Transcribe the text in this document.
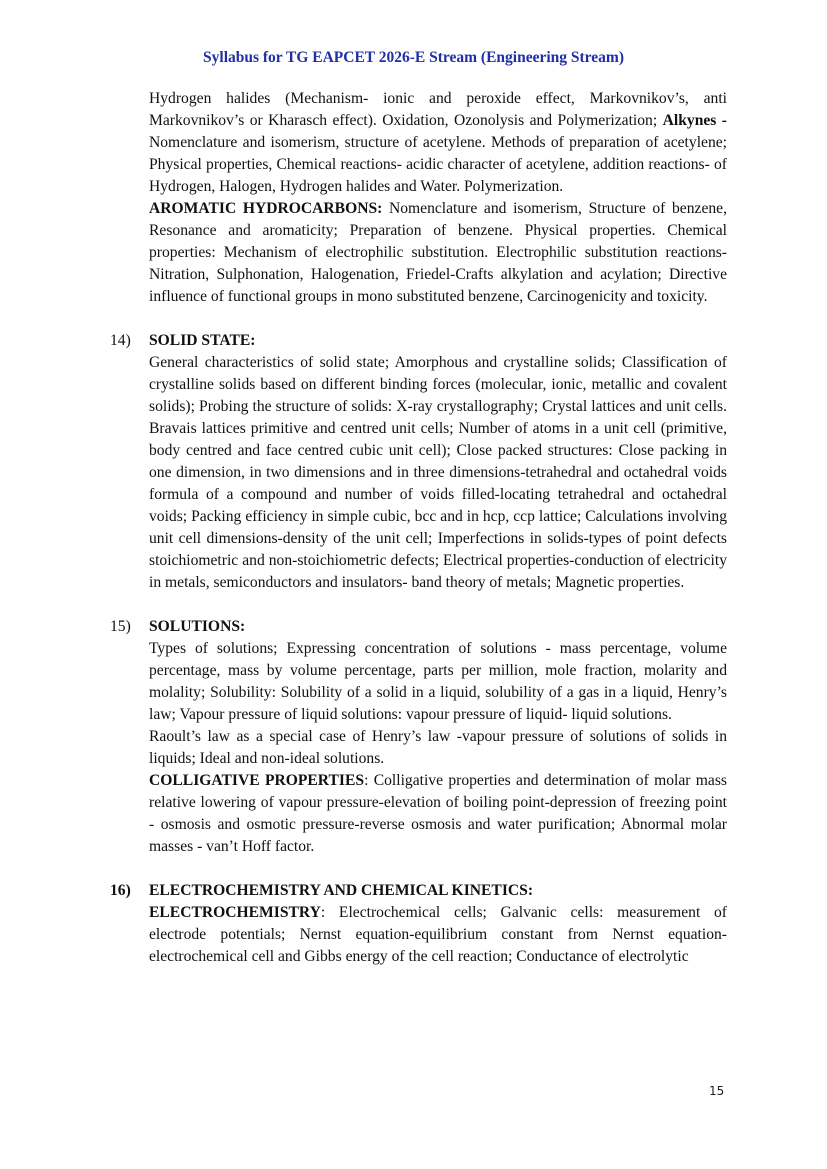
Syllabus for TG EAPCET 2026-E Stream (Engineering Stream)

Hydrogen halides (Mechanism- ionic and peroxide effect, Markovnikov’s, anti Markovnikov’s or Kharasch effect). Oxidation, Ozonolysis and Polymerization; Alkynes - Nomenclature and isomerism, structure of acetylene. Methods of preparation of acetylene; Physical properties, Chemical reactions- acidic character of acetylene, addition reactions- of Hydrogen, Halogen, Hydrogen halides and Water. Polymerization.

AROMATIC HYDROCARBONS: Nomenclature and isomerism, Structure of benzene, Resonance and aromaticity; Preparation of benzene. Physical properties. Chemical properties: Mechanism of electrophilic substitution. Electrophilic substitution reactions- Nitration, Sulphonation, Halogenation, Friedel-Crafts alkylation and acylation; Directive influence of functional groups in mono substituted benzene, Carcinogenicity and toxicity.

14)	SOLID STATE:

General characteristics of solid state; Amorphous and crystalline solids; Classification of crystalline solids based on different binding forces (molecular, ionic, metallic and covalent solids); Probing the structure of solids: X-ray crystallography; Crystal lattices and unit cells. Bravais lattices primitive and centred unit cells; Number of atoms in a unit cell (primitive, body centred and face centred cubic unit cell); Close packed structures: Close packing in one dimension, in two dimensions and in three dimensions-tetrahedral and octahedral voids formula of a compound and number of voids filled-locating tetrahedral and octahedral voids; Packing efficiency in simple cubic, bcc and in hcp, ccp lattice; Calculations involving unit cell dimensions-density of the unit cell; Imperfections in solids-types of point defects stoichiometric and non-stoichiometric defects; Electrical properties-conduction of electricity in metals, semiconductors and insulators- band theory of metals; Magnetic properties.

15)	SOLUTIONS:

Types of solutions; Expressing concentration of solutions - mass percentage, volume percentage, mass by volume percentage, parts per million, mole fraction, molarity and molality; Solubility: Solubility of a solid in a liquid, solubility of a gas in a liquid, Henry’s law; Vapour pressure of liquid solutions: vapour pressure of liquid- liquid solutions.

Raoult’s law as a special case of Henry’s law -vapour pressure of solutions of solids in liquids; Ideal and non-ideal solutions.

COLLIGATIVE PROPERTIES: Colligative properties and determination of molar mass relative lowering of vapour pressure-elevation of boiling point-depression of freezing point - osmosis and osmotic pressure-reverse osmosis and water purification; Abnormal molar masses - van’t Hoff factor.

16)	ELECTROCHEMISTRY AND CHEMICAL KINETICS:

ELECTROCHEMISTRY: Electrochemical cells; Galvanic cells: measurement of electrode potentials; Nernst equation-equilibrium constant from Nernst equation-electrochemical cell and Gibbs energy of the cell reaction; Conductance of electrolytic

15
